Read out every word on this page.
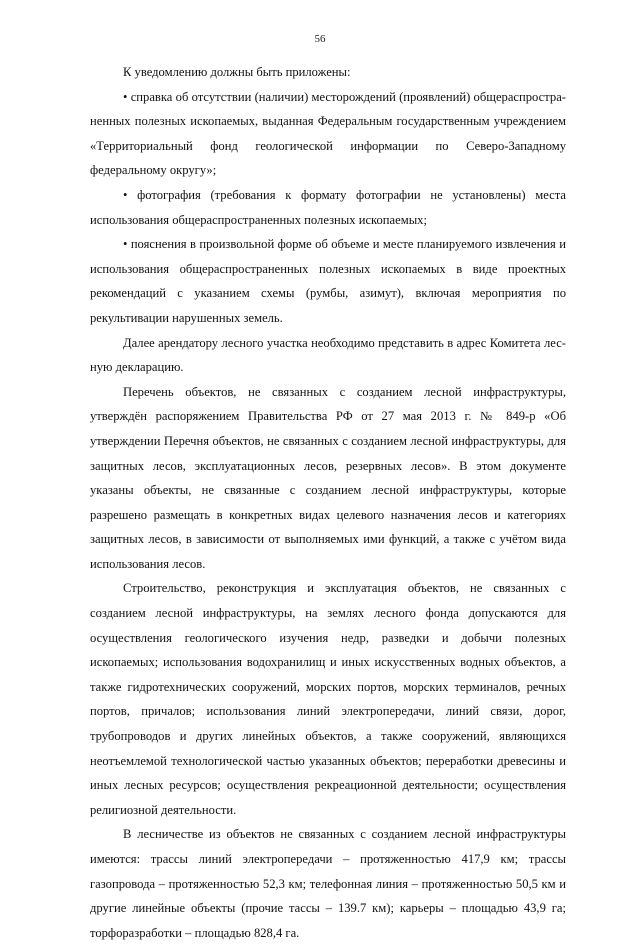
56

К уведомлению должны быть приложены:

• справка об отсутствии (наличии) месторождений (проявлений) общераспространенных полезных ископаемых, выданная Федеральным государственным учреждением «Территориальный фонд геологической информации по Северо-Западному федеральному округу»;

• фотография (требования к формату фотографии не установлены) места использования общераспространенных полезных ископаемых;

• пояснения в произвольной форме об объеме и месте планируемого извлечения и использования общераспространенных полезных ископаемых в виде проектных рекомендаций с указанием схемы (румбы, азимут), включая мероприятия по рекультивации нарушенных земель.

Далее арендатору лесного участка необходимо представить в адрес Комитета лесную декларацию.

Перечень объектов, не связанных с созданием лесной инфраструктуры, утверждён распоряжением Правительства РФ от 27 мая 2013 г. № 849-р «Об утверждении Перечня объектов, не связанных с созданием лесной инфраструктуры, для защитных лесов, эксплуатационных лесов, резервных лесов». В этом документе указаны объекты, не связанные с созданием лесной инфраструктуры, которые разрешено размещать в конкретных видах целевого назначения лесов и категориях защитных лесов, в зависимости от выполняемых ими функций, а также с учётом вида использования лесов.

Строительство, реконструкция и эксплуатация объектов, не связанных с созданием лесной инфраструктуры, на землях лесного фонда допускаются для осуществления геологического изучения недр, разведки и добычи полезных ископаемых; использования водохранилищ и иных искусственных водных объектов, а также гидротехнических сооружений, морских портов, морских терминалов, речных портов, причалов; использования линий электропередачи, линий связи, дорог, трубопроводов и других линейных объектов, а также сооружений, являющихся неотъемлемой технологической частью указанных объектов; переработки древесины и иных лесных ресурсов; осуществления рекреационной деятельности; осуществления религиозной деятельности.

В лесничестве из объектов не связанных с созданием лесной инфраструктуры имеются: трассы линий электропередачи – протяженностью 417,9 км; трассы газопровода – протяженностью 52,3 км; телефонная линия – протяженностью 50,5 км и другие линейные объекты (прочие тассы – 139.7 км); карьеры – площадью 43,9 га; торфоразработки – площадью 828,4 га.
